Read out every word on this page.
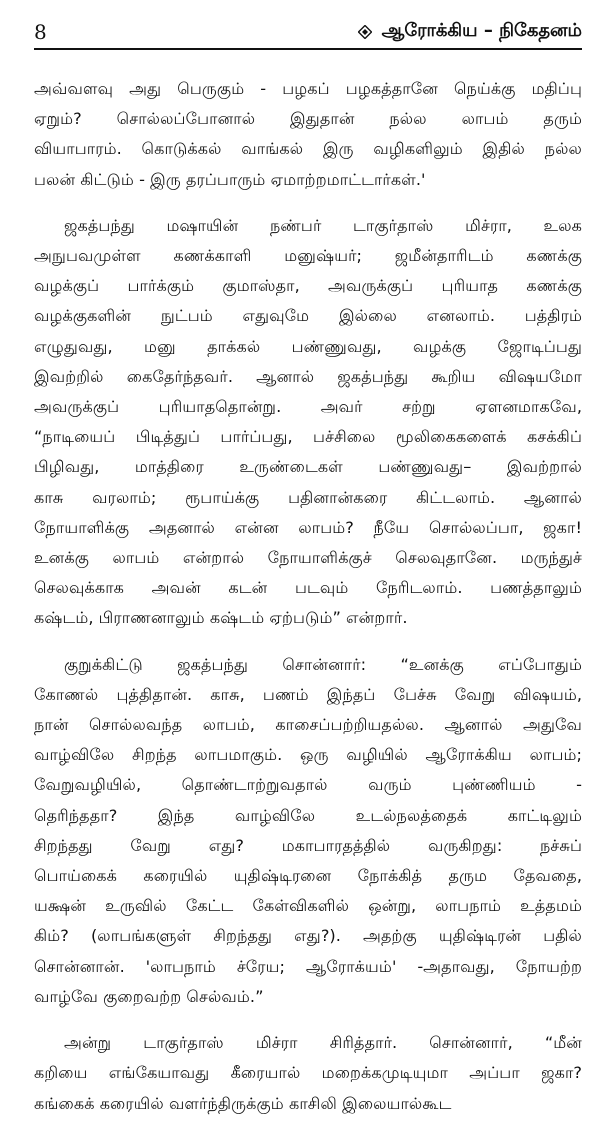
8	ஆரோக்கிய – நிகேதனம்

அவ்வளவு அது பெருகும் - பழகப் பழகத்தானே நெய்க்கு மதிப்பு
ஏறும்? சொல்லப்போனால் இதுதான் நல்ல லாபம் தரும்
வியாபாரம். கொடுக்கல் வாங்கல் இரு வழிகளிலும் இதில் நல்ல
பலன் கிட்டும் - இரு தரப்பாரும் ஏமாற்றமாட்டார்கள்.'

ஜகத்பந்து மஷாயின் நண்பர் டாகுர்தாஸ் மிச்ரா, உலக
அநுபவமுள்ள கணக்காளி மனுஷ்யர்; ஜமீன்தாரிடம் கணக்கு
வழக்குப் பார்க்கும் குமாஸ்தா, அவருக்குப் புரியாத கணக்கு
வழக்குகளின் நுட்பம் எதுவுமே இல்லை எனலாம். பத்திரம்
எழுதுவது, மனு தாக்கல் பண்ணுவது, வழக்கு ஜோடிப்பது
இவற்றில் கைதேர்ந்தவர். ஆனால் ஜகத்பந்து கூறிய விஷயமோ
அவருக்குப் புரியாததொன்று. அவர் சற்று ஏளனமாகவே,
“நாடியைப் பிடித்துப் பார்ப்பது, பச்சிலை மூலிகைகளைக் கசக்கிப்
பிழிவது, மாத்திரை உருண்டைகள் பண்ணுவது– இவற்றால்
காசு வரலாம்; ரூபாய்க்கு பதினான்கரை கிட்டலாம். ஆனால்
நோயாளிக்கு அதனால் என்ன லாபம்? நீயே சொல்லப்பா, ஜகா!
உனக்கு லாபம் என்றால் நோயாளிக்குச் செலவுதானே. மருந்துச்
செலவுக்காக அவன் கடன் படவும் நேரிடலாம். பணத்தாலும்
கஷ்டம், பிராணனாலும் கஷ்டம் ஏற்படும்” என்றார்.

குறுக்கிட்டு ஜகத்பந்து சொன்னார்: “உனக்கு எப்போதும்
கோணல் புத்திதான். காசு, பணம் இந்தப் பேச்சு வேறு விஷயம்,
நான் சொல்லவந்த லாபம், காசைப்பற்றியதல்ல. ஆனால் அதுவே
வாழ்விலே சிறந்த லாபமாகும். ஒரு வழியில் ஆரோக்கிய லாபம்;
வேறுவழியில், தொண்டாற்றுவதால் வரும் புண்ணியம் -
தெரிந்ததா? இந்த வாழ்விலே உடல்நலத்தைக் காட்டிலும்
சிறந்தது வேறு எது? மகாபாரதத்தில் வருகிறது: நச்சுப்
பொய்கைக் கரையில் யுதிஷ்டிரனை நோக்கித் தரும தேவதை,
யக்ஷன் உருவில் கேட்ட கேள்விகளில் ஒன்று, லாபநாம் உத்தமம்
கிம்? (லாபங்களுள் சிறந்தது எது?). அதற்கு யுதிஷ்டிரன் பதில்
சொன்னான். 'லாபநாம் ச்ரேய; ஆரோக்யம்' -அதாவது, நோயற்ற
வாழ்வே குறைவற்ற செல்வம்.”

அன்று டாகுர்தாஸ் மிச்ரா சிரித்தார். சொன்னார், “மீன்
கறியை எங்கேயாவது கீரையால் மறைக்கமுடியுமா அப்பா ஜகா?
கங்கைக் கரையில் வளர்ந்திருக்கும் காசிலி இலையால்கூட
